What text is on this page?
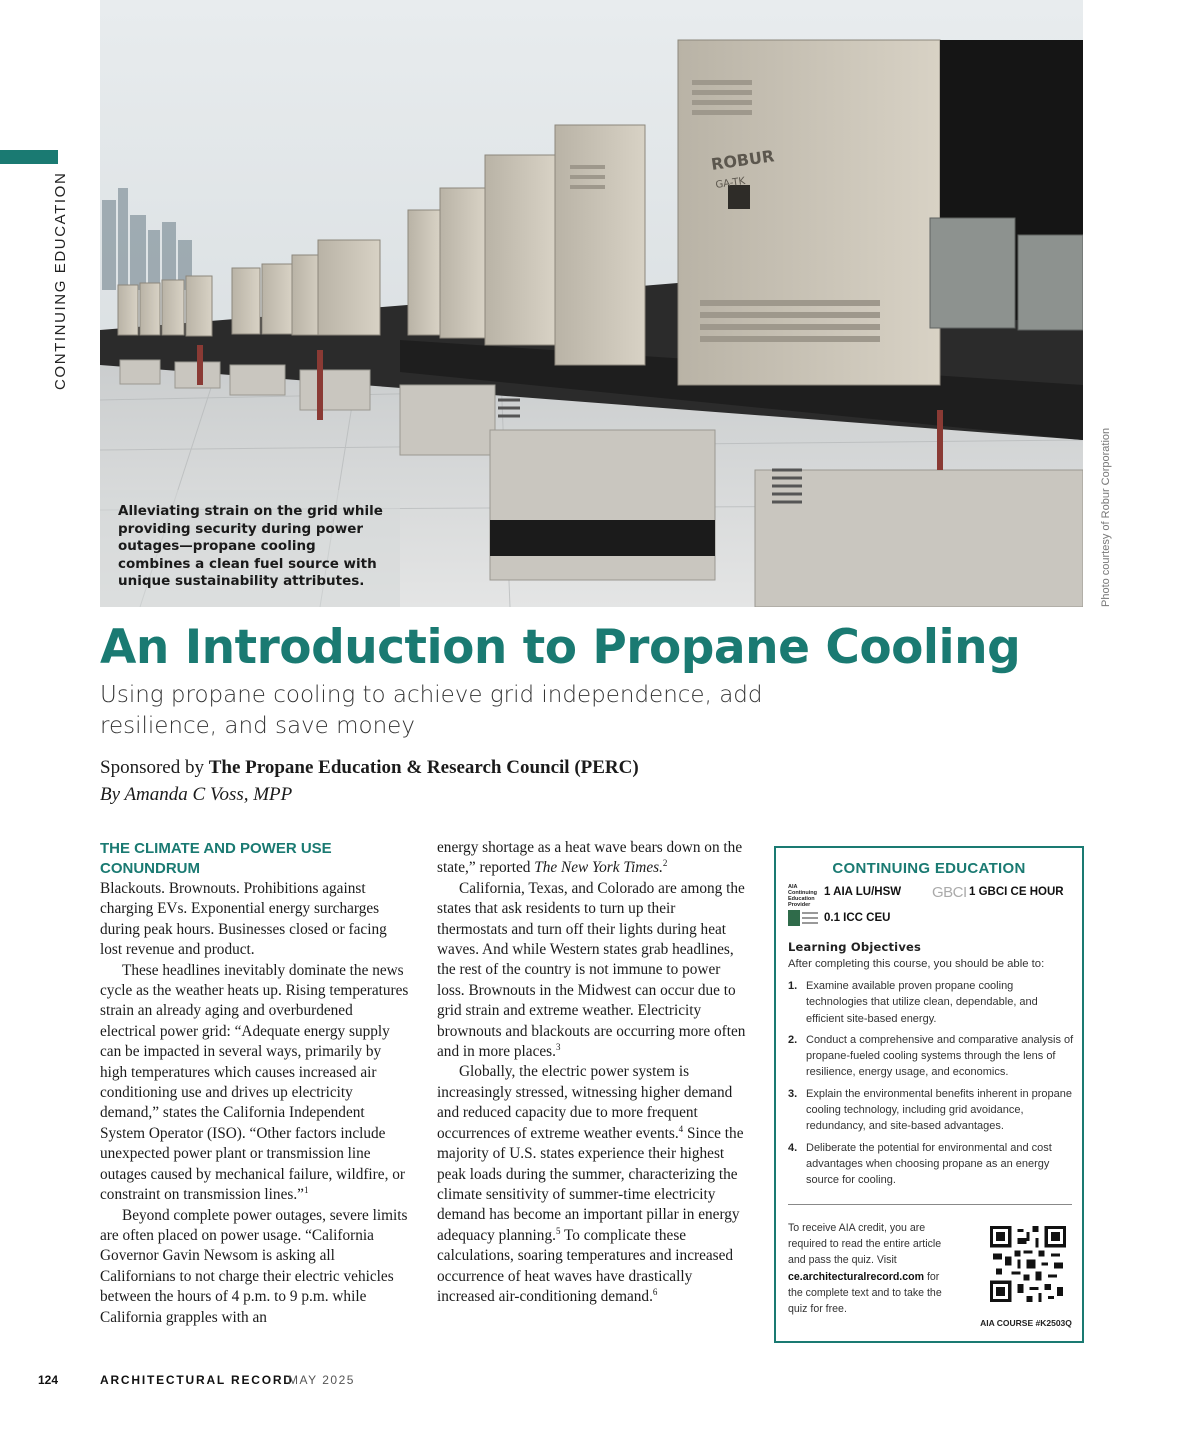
CONTINUING EDUCATION
ROBUR
GA-TK
Alleviating strain on the grid while providing security during power outages—propane cooling combines a clean fuel source with unique sustainability attributes.	Photo courtesy of Robur Corporation
An Introduction to Propane Cooling
Using propane cooling to achieve grid independence, add resilience, and save money
Sponsored by The Propane Education & Research Council (PERC)
By Amanda C Voss, MPP
THE CLIMATE AND POWER USE CONUNDRUM

Blackouts. Brownouts. Prohibitions against charging EVs. Exponential energy surcharges during peak hours. Businesses closed or facing lost revenue and product.

These headlines inevitably dominate the news cycle as the weather heats up. Rising temperatures strain an already aging and overburdened electrical power grid: “Adequate energy supply can be impacted in several ways, primarily by high temperatures which causes increased air conditioning use and drives up electricity demand,” states the California Independent System Operator (ISO). “Other factors include unexpected power plant or transmission line outages caused by mechanical failure, wildfire, or constraint on transmission lines.”$^1$

Beyond complete power outages, severe limits are often placed on power usage. “California Governor Gavin Newsom is asking all Californians to not charge their electric vehicles between the hours of 4 p.m. to 9 p.m. while California grapples with an

energy shortage as a heat wave bears down on the state,” reported The New York Times.$^2$

California, Texas, and Colorado are among the states that ask residents to turn up their thermostats and turn off their lights during heat waves. And while Western states grab headlines, the rest of the country is not immune to power loss. Brownouts in the Midwest can occur due to grid strain and extreme weather. Electricity brownouts and blackouts are occurring more often and in more places.$^3$

Globally, the electric power system is increasingly stressed, witnessing higher demand and reduced capacity due to more frequent occurrences of extreme weather events.$^4$ Since the majority of U.S. states experience their highest peak loads during the summer, characterizing the climate sensitivity of summer-time electricity demand has become an important pillar in energy adequacy planning.$^5$ To complicate these calculations, soaring temperatures and increased occurrence of heat waves have drastically increased air-conditioning demand.$^6$

CONTINUING EDUCATION
AIA Continuing Education Provider
1 AIA LU/HSW GBCI 1 GBCI CE HOUR
0.1 ICC CEU
Learning Objectives
After completing this course, you should be able to:
1. Examine available proven propane cooling technologies that utilize clean, dependable, and efficient site-based energy.
2. Conduct a comprehensive and comparative analysis of propane-fueled cooling systems through the lens of resilience, energy usage, and economics.
3. Explain the environmental benefits inherent in propane cooling technology, including grid avoidance, redundancy, and site-based advantages.
4. Deliberate the potential for environmental and cost advantages when choosing propane as an energy source for cooling.
To receive AIA credit, you are required to read the entire article and pass the quiz. Visit ce.architecturalrecord.com for the complete text and to take the quiz for free.
AIA COURSE #K2503Q
124	ARCHITECTURAL RECORD
MAY 2025
